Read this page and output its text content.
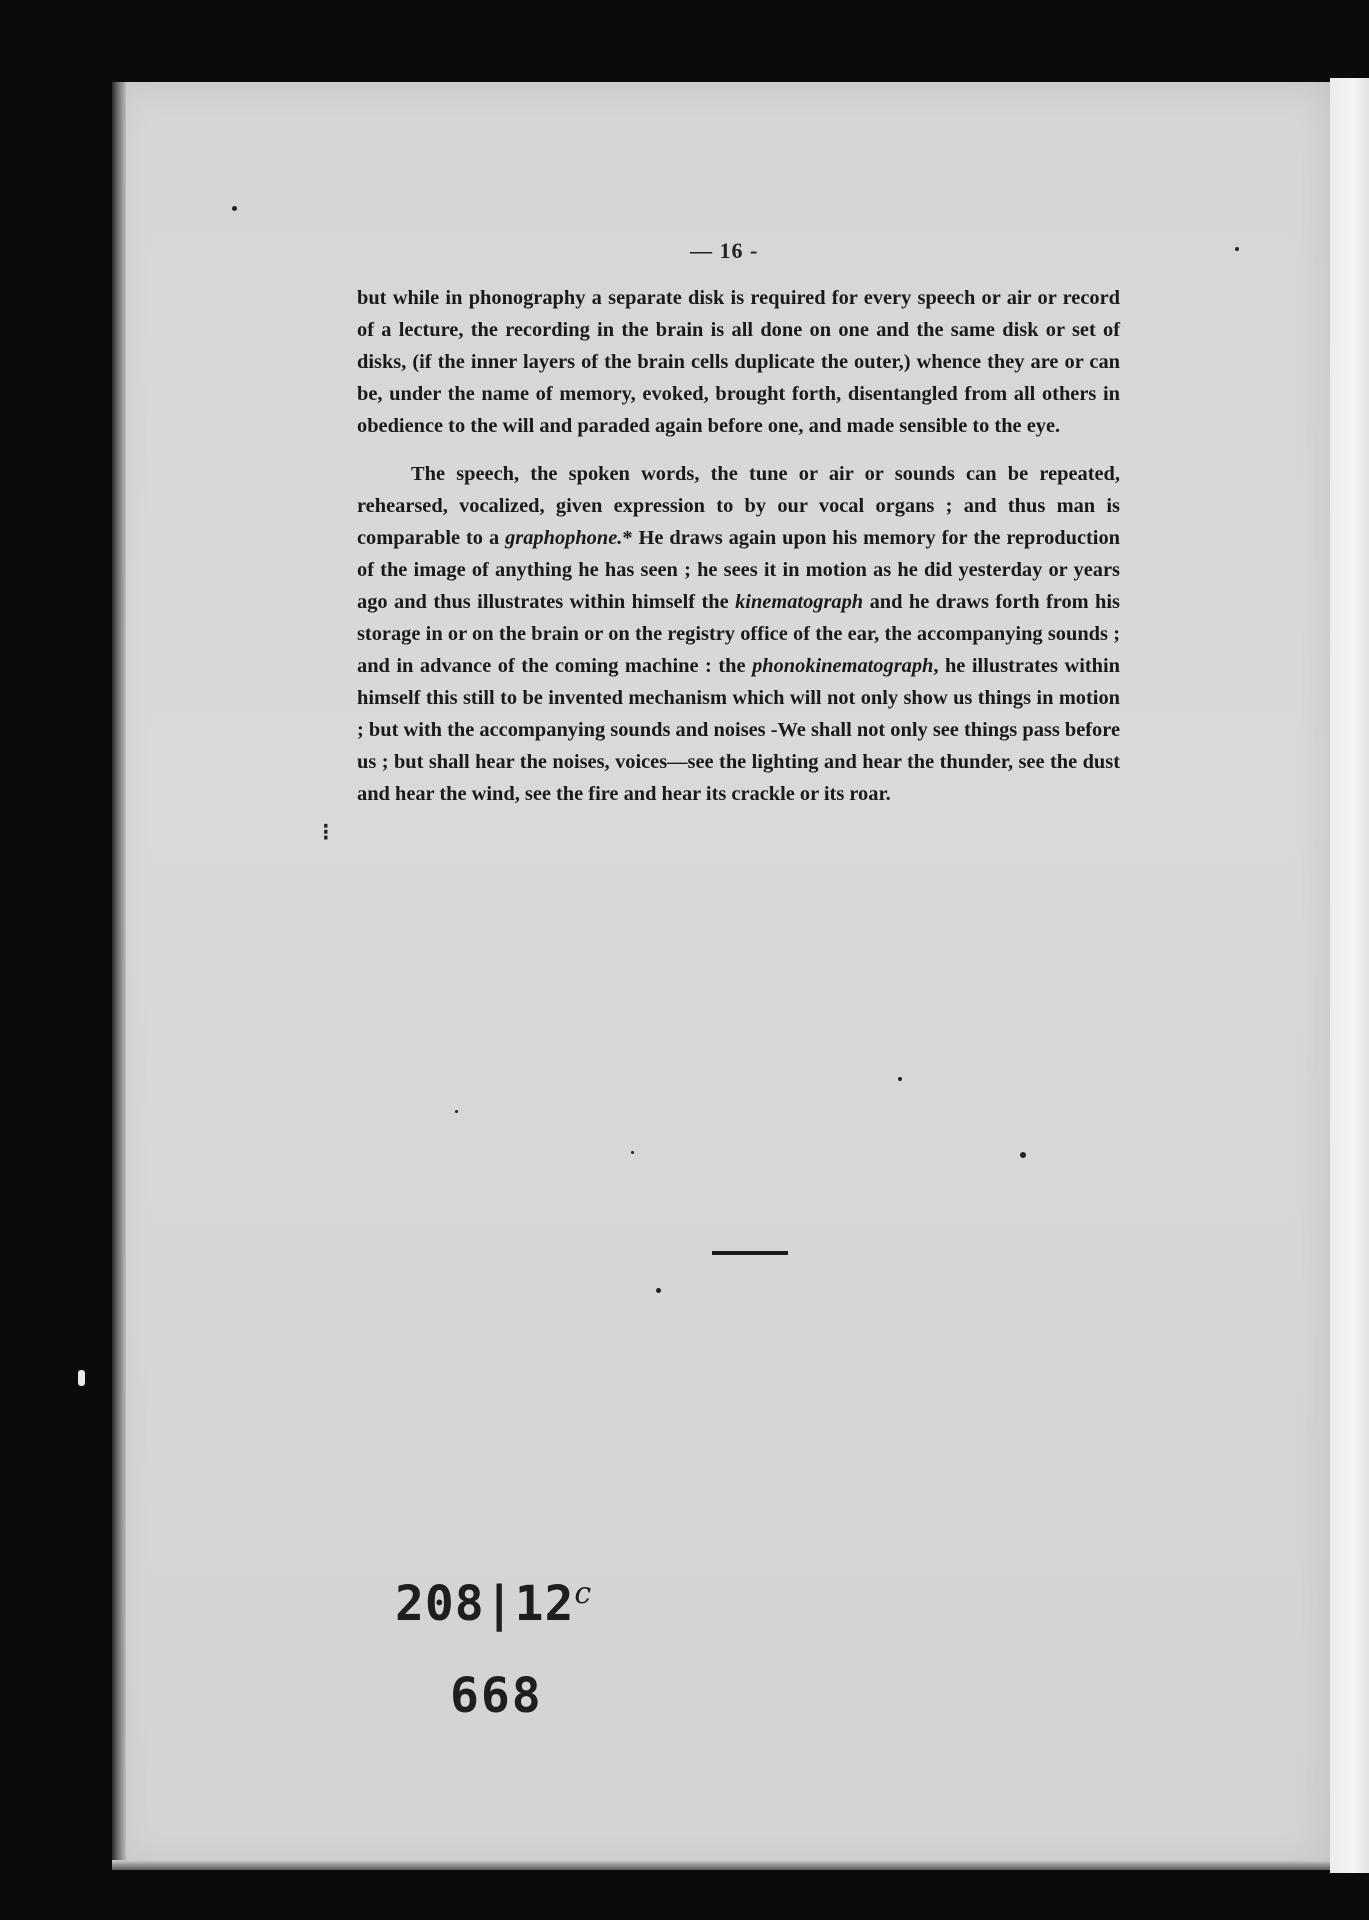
— 16 -

but while in phonography a separate disk is required for every speech or air or record of a lecture, the recording in the brain is all done on one and the same disk or set of disks, (if the inner layers of the brain cells duplicate the outer,) whence they are or can be, under the name of memory, evoked, brought forth, disentangled from all others in obedience to the will and paraded again before one, and made sensible to the eye.

The speech, the spoken words, the tune or air or sounds can be repeated, rehearsed, vocalized, given expression to by our vocal organs ; and thus man is comparable to a graphophone.* He draws again upon his memory for the reproduction of the image of anything he has seen ; he sees it in motion as he did yesterday or years ago and thus illustrates within himself the kinematograph and he draws forth from his storage in or on the brain or on the registry office of the ear, the accompanying sounds ; and in advance of the coming machine : the phonokinematograph, he illustrates within himself this still to be invented mechanism which will not only show us things in motion ; but with the accompanying sounds and noises -We shall not only see things pass before us ; but shall hear the noises, voices—see the lighting and hear the thunder, see the dust and hear the wind, see the fire and hear its crackle or its roar.

⁝
208|12$^c$
668
